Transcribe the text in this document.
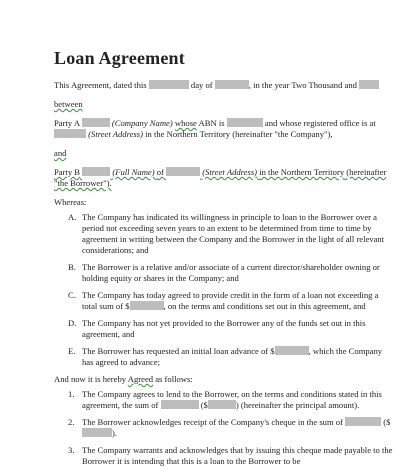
Loan Agreement

This Agreement, dated this	day of	, in the year Two Thousand and

between

Party A	(Company Name) whose ABN is	and whose registered office is at  (Street Address) in the Northern Territory (hereinafter "the Company"),

and

Party B	(Full Name) of	(Street Address) in the Northern Territory (hereinafter "the Borrower").

Whereas:

A. The Company has indicated its willingness in principle to loan to the Borrower over a period not exceeding seven years to an extent to be determined from time to time by agreement in writing between the Company and the Borrower in the light of all relevant considerations; and
B. The Borrower is a relative and/or associate of a current director/shareholder owning or holding equity or shares in the Company; and
C. The Company has today agreed to provide credit in the form of a loan not exceeding a total sum of $	, on the terms and conditions set out in this agreement, and
D. The Company has not yet provided to the Borrower any of the funds set out in this agreement, and
E. The Borrower has requested an initial loan advance of $	, which the Company has agreed to advance;

And now it is hereby Agreed as follows:

1. The Company agrees to lend to the Borrower, on the terms and conditions stated in this agreement, the sum of	($	) (hereinafter the principal amount).
2. The Borrower acknowledges receipt of the Company's cheque in the sum of	($).
3. The Company warrants and acknowledges that by issuing this cheque made payable to the Borrower it is intending that this is a loan to the Borrower to be
